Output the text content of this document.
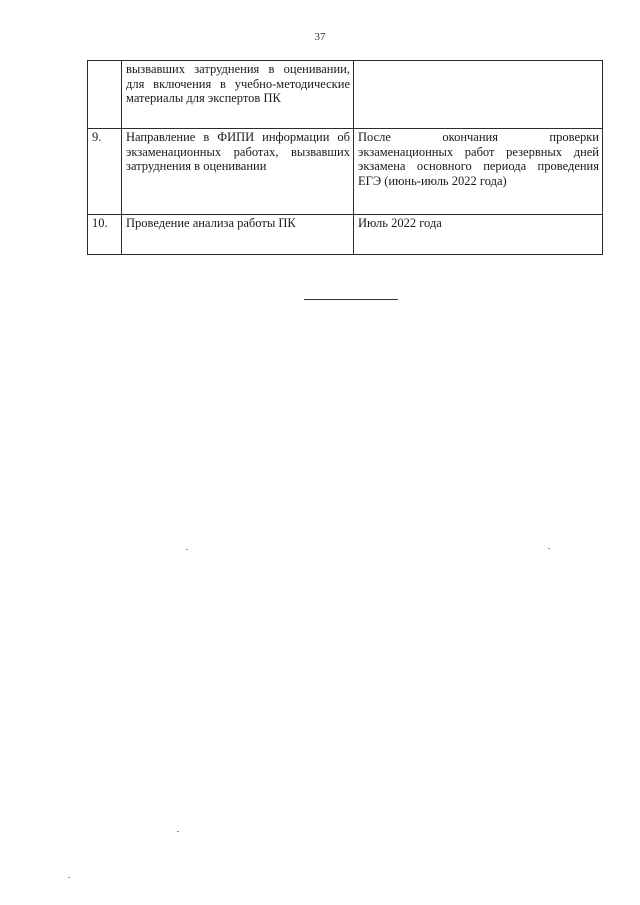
37
	вызвавших затруднения в оценивании, для включения в учебно-методические материалы для экспертов ПК	
9.	Направление в ФИПИ информации об экзаменационных работах, вызвавших затруднения в оценивании	После окончания проверки экзаменационных работ резервных дней экзамена основного периода проведения ЕГЭ (июнь-июль 2022 года)
10.	Проведение анализа работы ПК	Июль 2022 года
